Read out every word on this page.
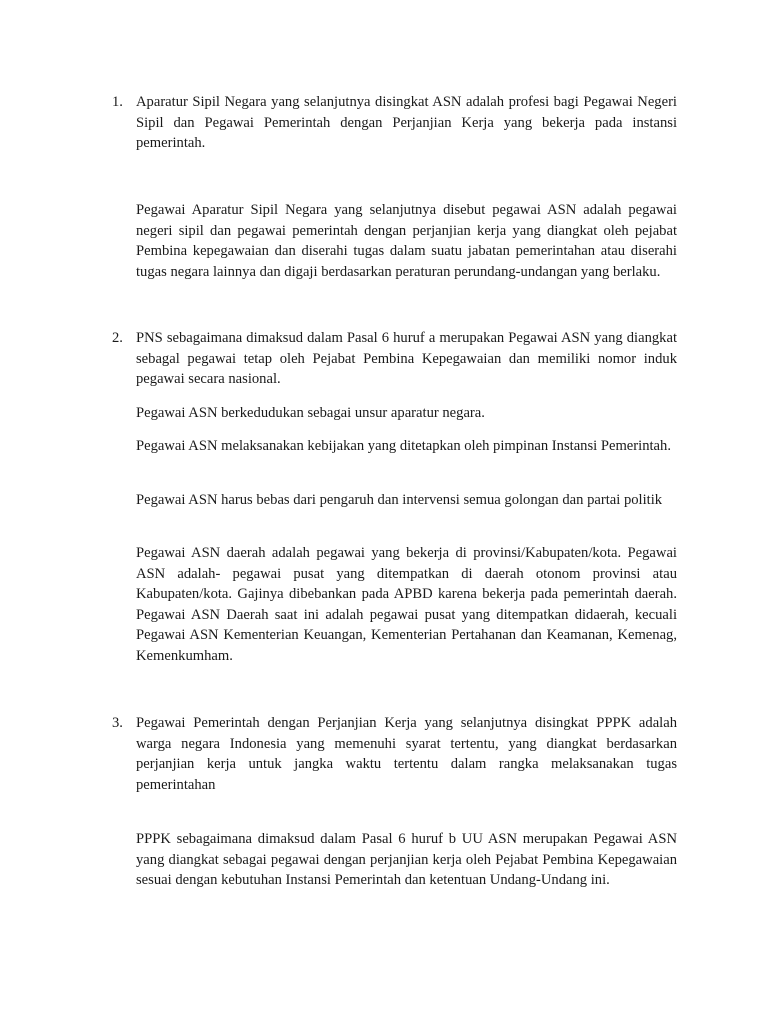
1. Aparatur Sipil Negara yang selanjutnya disingkat ASN adalah profesi bagi Pegawai Negeri Sipil dan Pegawai Pemerintah dengan Perjanjian Kerja yang bekerja pada instansi pemerintah.

Pegawai Aparatur Sipil Negara yang selanjutnya disebut pegawai ASN adalah pegawai negeri sipil dan pegawai pemerintah dengan perjanjian kerja yang diangkat oleh pejabat Pembina kepegawaian dan diserahi tugas dalam suatu jabatan pemerintahan atau diserahi tugas negara lainnya dan digaji berdasarkan peraturan perundang-undangan yang berlaku.

2. PNS sebagaimana dimaksud dalam Pasal 6 huruf a merupakan Pegawai ASN yang diangkat sebagal pegawai tetap oleh Pejabat Pembina Kepegawaian dan memiliki nomor induk pegawai secara nasional.

Pegawai ASN berkedudukan sebagai unsur aparatur negara.

Pegawai ASN melaksanakan kebijakan yang ditetapkan oleh pimpinan Instansi Pemerintah.

Pegawai ASN harus bebas dari pengaruh dan intervensi semua golongan dan partai politik

Pegawai ASN daerah adalah pegawai yang bekerja di provinsi/Kabupaten/kota. Pegawai ASN adalah- pegawai pusat yang ditempatkan di daerah otonom provinsi atau Kabupaten/kota. Gajinya dibebankan pada APBD karena bekerja pada pemerintah daerah. Pegawai ASN Daerah saat ini adalah pegawai pusat yang ditempatkan didaerah, kecuali Pegawai ASN Kementerian Keuangan, Kementerian Pertahanan dan Keamanan, Kemenag, Kemenkumham.

3. Pegawai Pemerintah dengan Perjanjian Kerja yang selanjutnya disingkat PPPK adalah warga negara Indonesia yang memenuhi syarat tertentu, yang diangkat berdasarkan perjanjian kerja untuk jangka waktu tertentu dalam rangka melaksanakan tugas pemerintahan

PPPK sebagaimana dimaksud dalam Pasal 6 huruf b UU ASN merupakan Pegawai ASN yang diangkat sebagai pegawai dengan perjanjian kerja oleh Pejabat Pembina Kepegawaian sesuai dengan kebutuhan Instansi Pemerintah dan ketentuan Undang-Undang ini.
